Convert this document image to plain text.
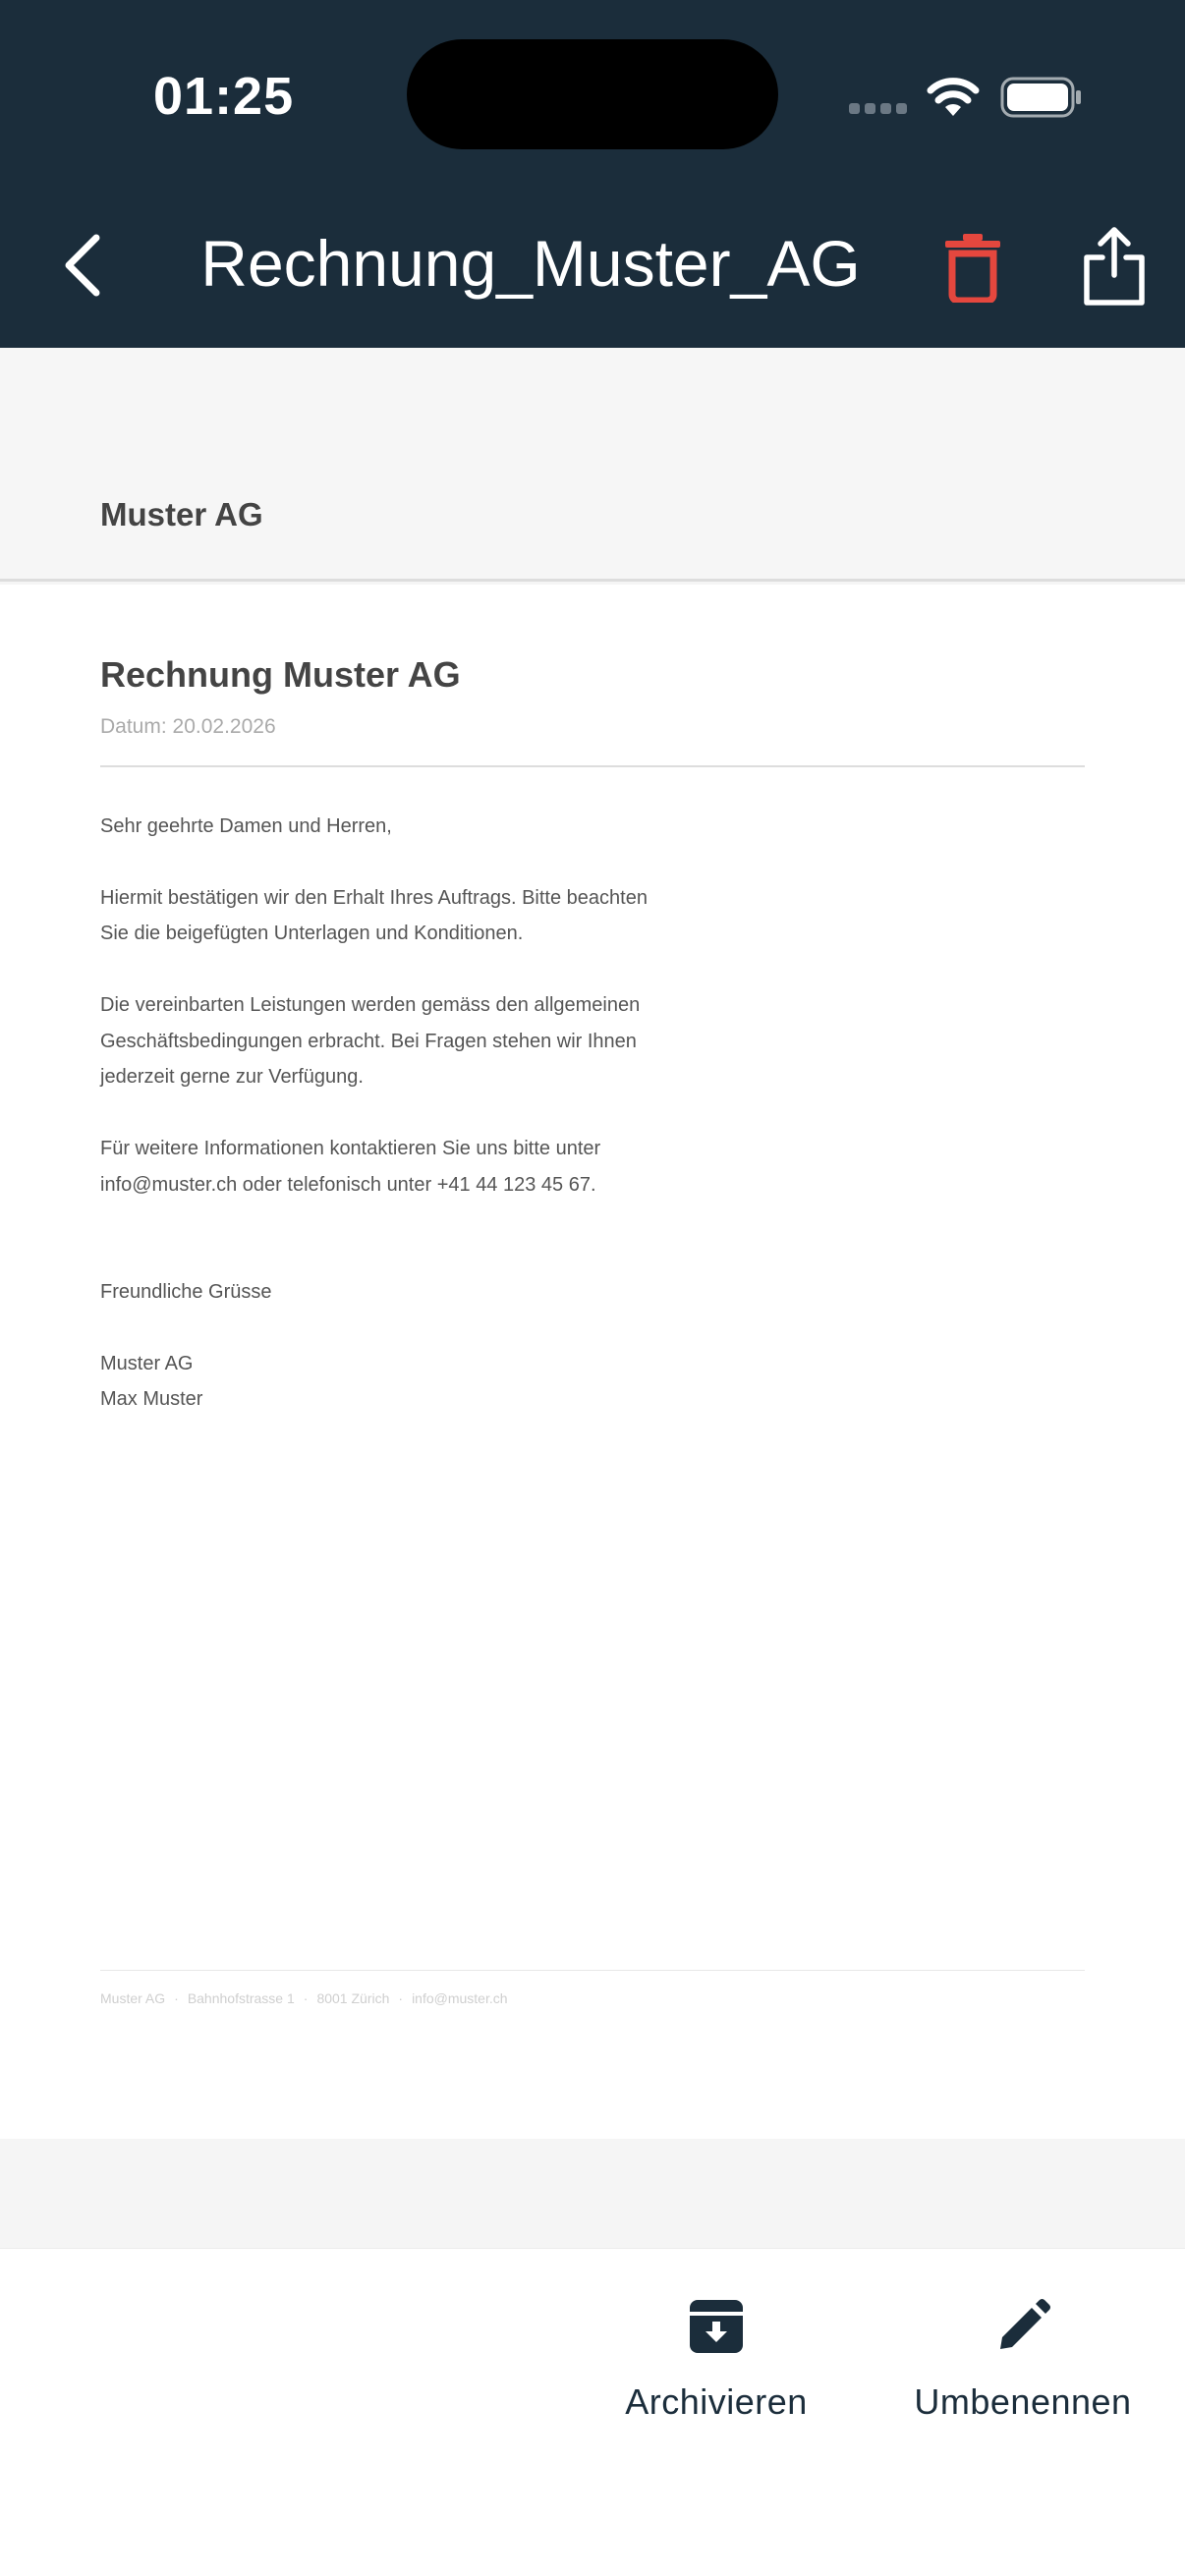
01:25
Rechnung_Muster_AG
Muster AG
Rechnung Muster AG
Datum: 20.02.2026
Sehr geehrte Damen und Herren,
Hiermit bestätigen wir den Erhalt Ihres Auftrags. Bitte beachten
Sie die beigefügten Unterlagen und Konditionen.
Die vereinbarten Leistungen werden gemäss den allgemeinen
Geschäftsbedingungen erbracht. Bei Fragen stehen wir Ihnen
jederzeit gerne zur Verfügung.
Für weitere Informationen kontaktieren Sie uns bitte unter
info@muster.ch oder telefonisch unter +41 44 123 45 67.
Freundliche Grüsse
Muster AG
Max Muster
Muster AG · Bahnhofstrasse 1 · 8001 Zürich · info@muster.ch
Archivieren	Umbenennen
